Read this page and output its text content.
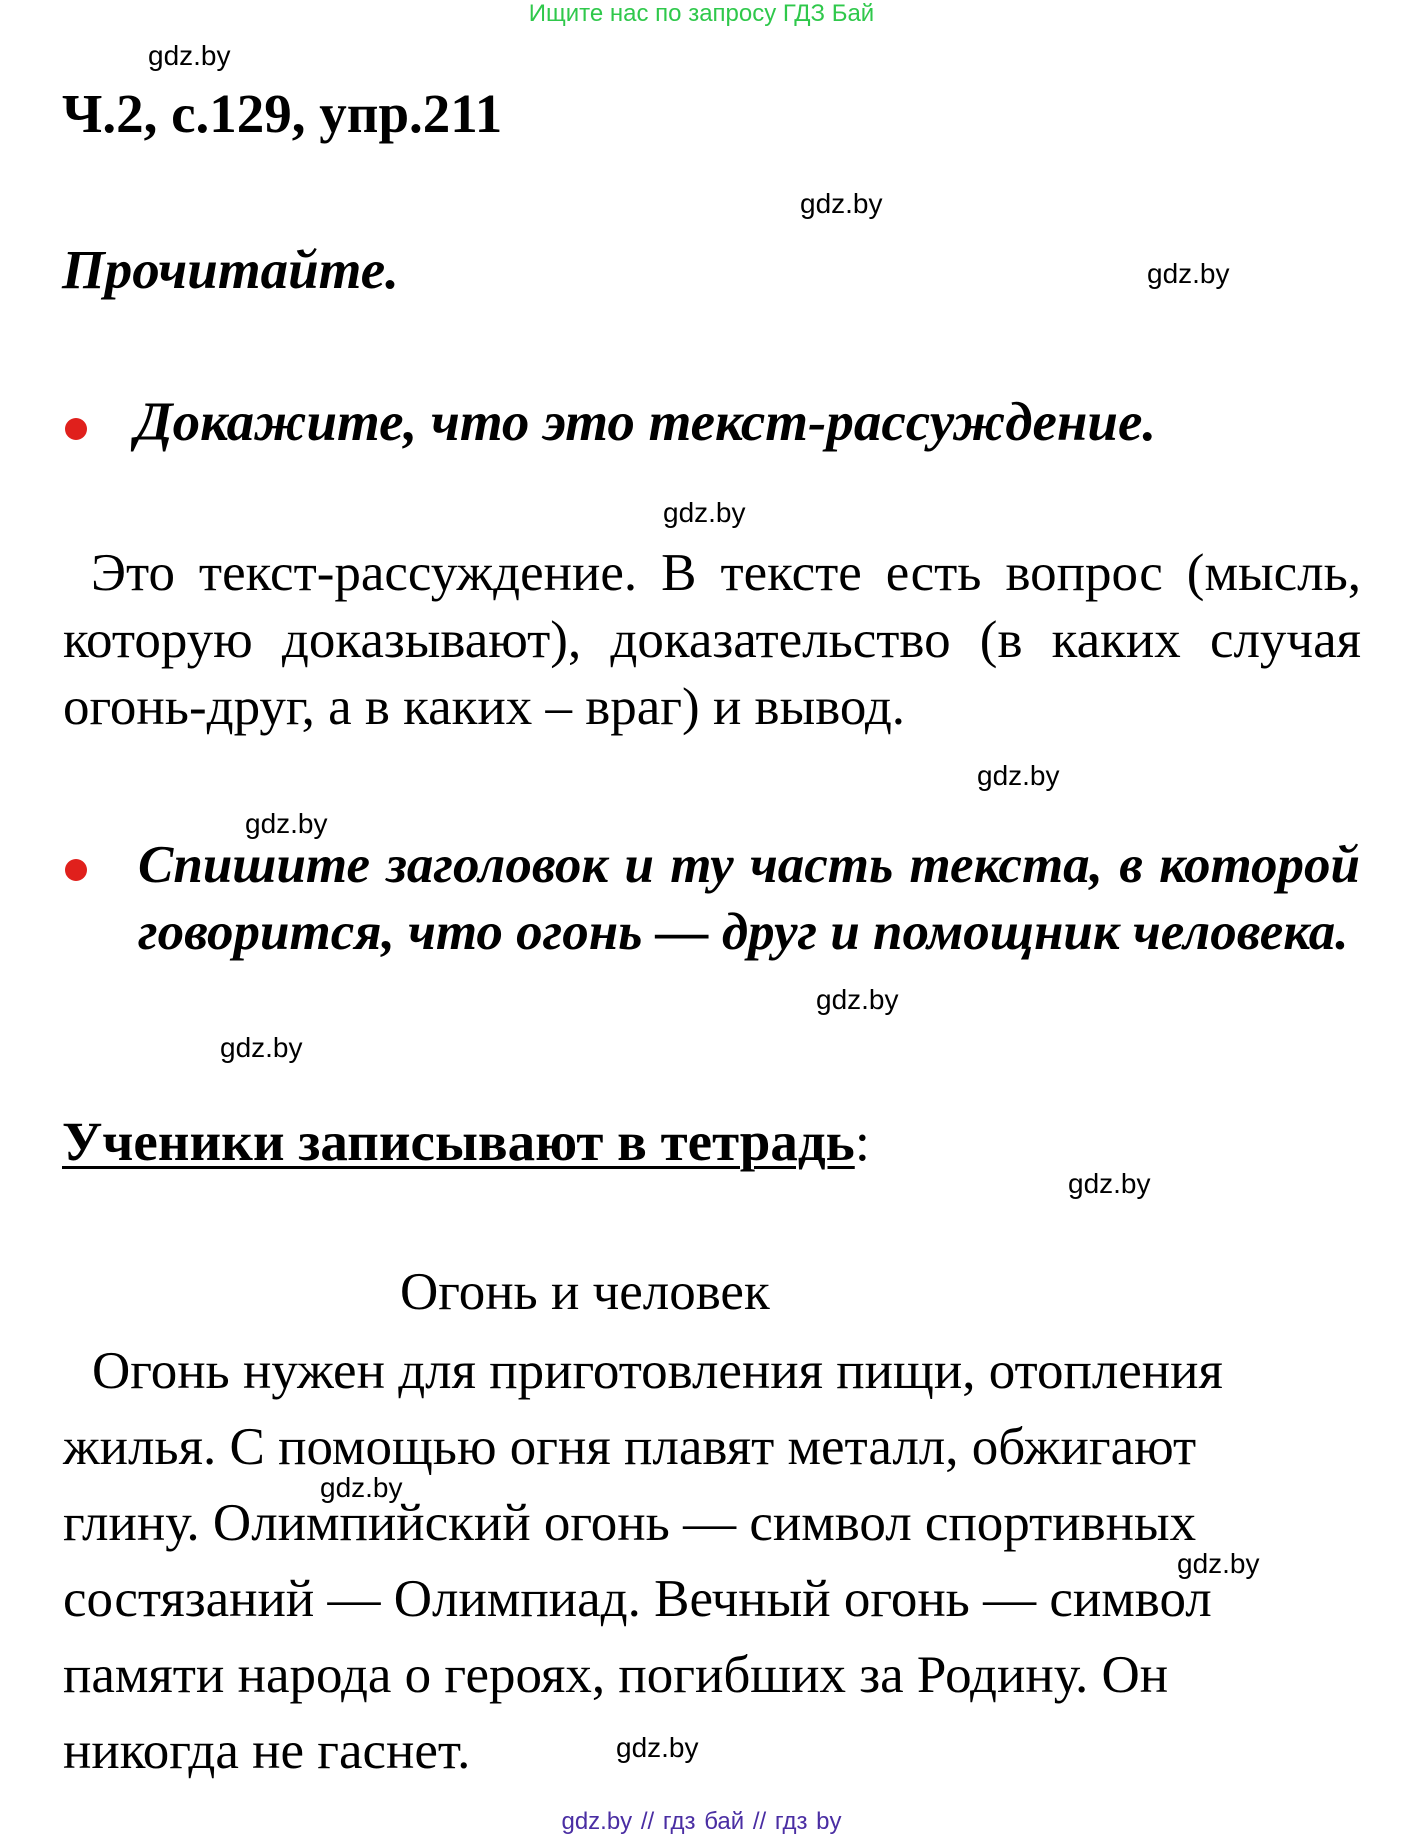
Ищите нас по запросу ГДЗ Бай
gdz.by
gdz.by
gdz.by
gdz.by
gdz.by
gdz.by
gdz.by
gdz.by
gdz.by
gdz.by
gdz.by
gdz.by
Ч.2, с.129, упр.211
Прочитайте.
Докажите, что это текст-рассуждение.
Это текст-рассуждение. В тексте есть вопрос (мысль, которую доказывают), доказательство (в каких случая огонь-друг, а в каких – враг) и вывод.
Спишите заголовок и ту часть текста, в которой говорится, что огонь — друг и помощник человека.
Ученики записывают в тетрадь:
Огонь и человек
Огонь нужен для приготовления пищи, отопления
жилья. С помощью огня плавят металл, обжигают
глину. Олимпийский огонь — символ спортивных
состязаний — Олимпиад. Вечный огонь — символ
памяти народа о героях, погибших за Родину. Он
никогда не гаснет.
gdz.by // гдз бай // гдз by
